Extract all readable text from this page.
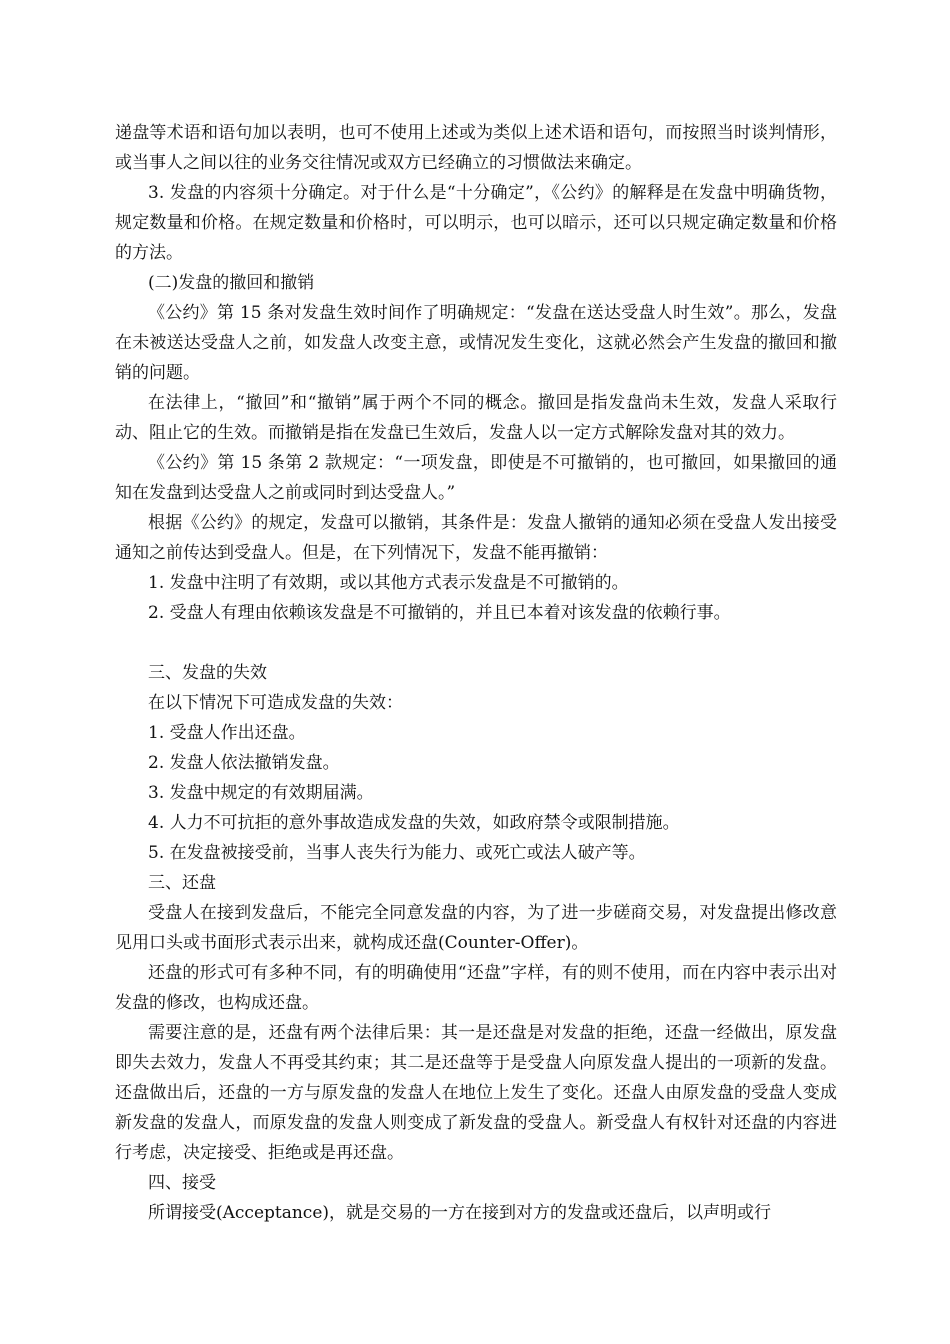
递盘等术语和语句加以表明，也可不使用上述或为类似上述术语和语句，而按照当时谈判情形，或当事人之间以往的业务交往情况或双方已经确立的习惯做法来确定。

3. 发盘的内容须十分确定。对于什么是“十分确定”，《公约》的解释是在发盘中明确货物，规定数量和价格。在规定数量和价格时，可以明示，也可以暗示，还可以只规定确定数量和价格的方法。

(二)发盘的撤回和撤销

《公约》第 15 条对发盘生效时间作了明确规定：“发盘在送达受盘人时生效”。那么，发盘在未被送达受盘人之前，如发盘人改变主意，或情况发生变化，这就必然会产生发盘的撤回和撤销的问题。

在法律上，“撤回”和“撤销”属于两个不同的概念。撤回是指发盘尚未生效，发盘人采取行动、阻止它的生效。而撤销是指在发盘已生效后，发盘人以一定方式解除发盘对其的效力。

《公约》第 15 条第 2 款规定：“一项发盘，即使是不可撤销的，也可撤回，如果撤回的通知在发盘到达受盘人之前或同时到达受盘人。”

根据《公约》的规定，发盘可以撤销，其条件是：发盘人撤销的通知必须在受盘人发出接受通知之前传达到受盘人。但是，在下列情况下，发盘不能再撤销：

1. 发盘中注明了有效期，或以其他方式表示发盘是不可撤销的。

2. 受盘人有理由依赖该发盘是不可撤销的，并且已本着对该发盘的依赖行事。

三、发盘的失效

在以下情况下可造成发盘的失效：

1. 受盘人作出还盘。

2. 发盘人依法撤销发盘。

3. 发盘中规定的有效期届满。

4. 人力不可抗拒的意外事故造成发盘的失效，如政府禁令或限制措施。

5. 在发盘被接受前，当事人丧失行为能力、或死亡或法人破产等。

三、还盘

受盘人在接到发盘后，不能完全同意发盘的内容，为了进一步磋商交易，对发盘提出修改意见用口头或书面形式表示出来，就构成还盘(Counter-Offer)。

还盘的形式可有多种不同，有的明确使用“还盘”字样，有的则不使用，而在内容中表示出对发盘的修改，也构成还盘。

需要注意的是，还盘有两个法律后果：其一是还盘是对发盘的拒绝，还盘一经做出，原发盘即失去效力，发盘人不再受其约束；其二是还盘等于是受盘人向原发盘人提出的一项新的发盘。还盘做出后，还盘的一方与原发盘的发盘人在地位上发生了变化。还盘人由原发盘的受盘人变成新发盘的发盘人，而原发盘的发盘人则变成了新发盘的受盘人。新受盘人有权针对还盘的内容进行考虑，决定接受、拒绝或是再还盘。

四、接受

所谓接受(Acceptance)，就是交易的一方在接到对方的发盘或还盘后，以声明或行
